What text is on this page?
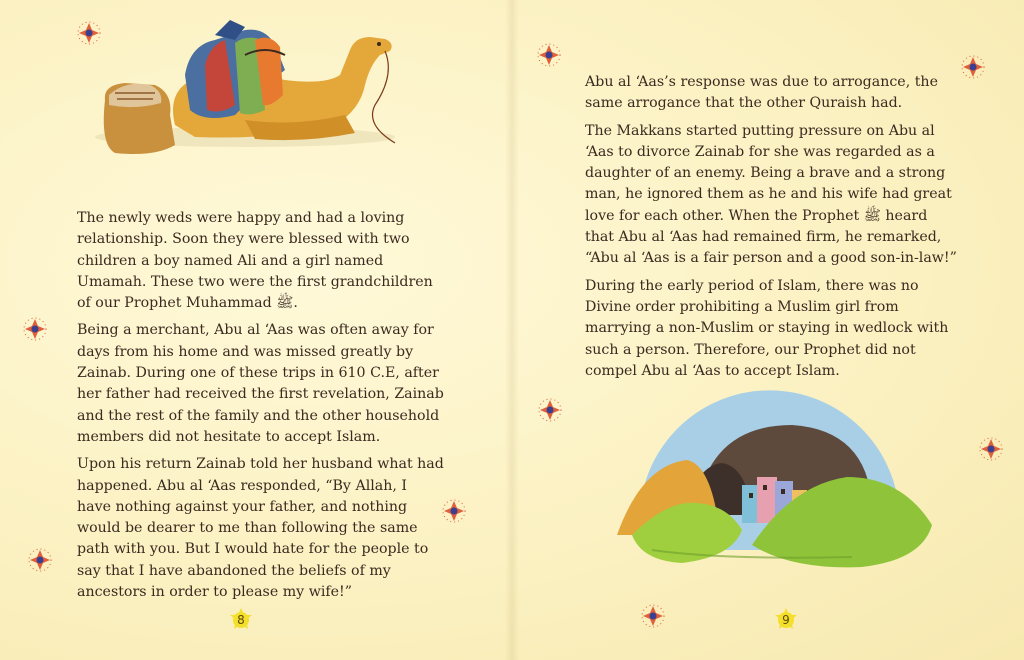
The newly weds were happy and had a loving relationship. Soon they were blessed with two children a boy named Ali and a girl named Umamah. These two were the first grandchildren of our Prophet Muhammad ﷺ.

Being a merchant, Abu al ‘Aas was often away for days from his home and was missed greatly by Zainab. During one of these trips in 610 C.E, after her father had received the first revelation, Zainab and the rest of the family and the other household members did not hesitate to accept Islam.

Upon his return Zainab told her husband what had happened. Abu al ‘Aas responded, “By Allah, I have nothing against your father, and nothing would be dearer to me than following the same path with you. But I would hate for the people to say that I have abandoned the beliefs of my ancestors in order to please my wife!”

8

Abu al ‘Aas’s response was due to arrogance, the same arrogance that the other Quraish had.

The Makkans started putting pressure on Abu al ‘Aas to divorce Zainab for she was regarded as a daughter of an enemy. Being a brave and a strong man, he ignored them as he and his wife had great love for each other. When the Prophet ﷺ heard that Abu al ‘Aas had remained firm, he remarked, “Abu al ‘Aas is a fair person and a good son-in-law!”

During the early period of Islam, there was no Divine order prohibiting a Muslim girl from marrying a non-Muslim or staying in wedlock with such a person. Therefore, our Prophet did not compel Abu al ‘Aas to accept Islam.

9
